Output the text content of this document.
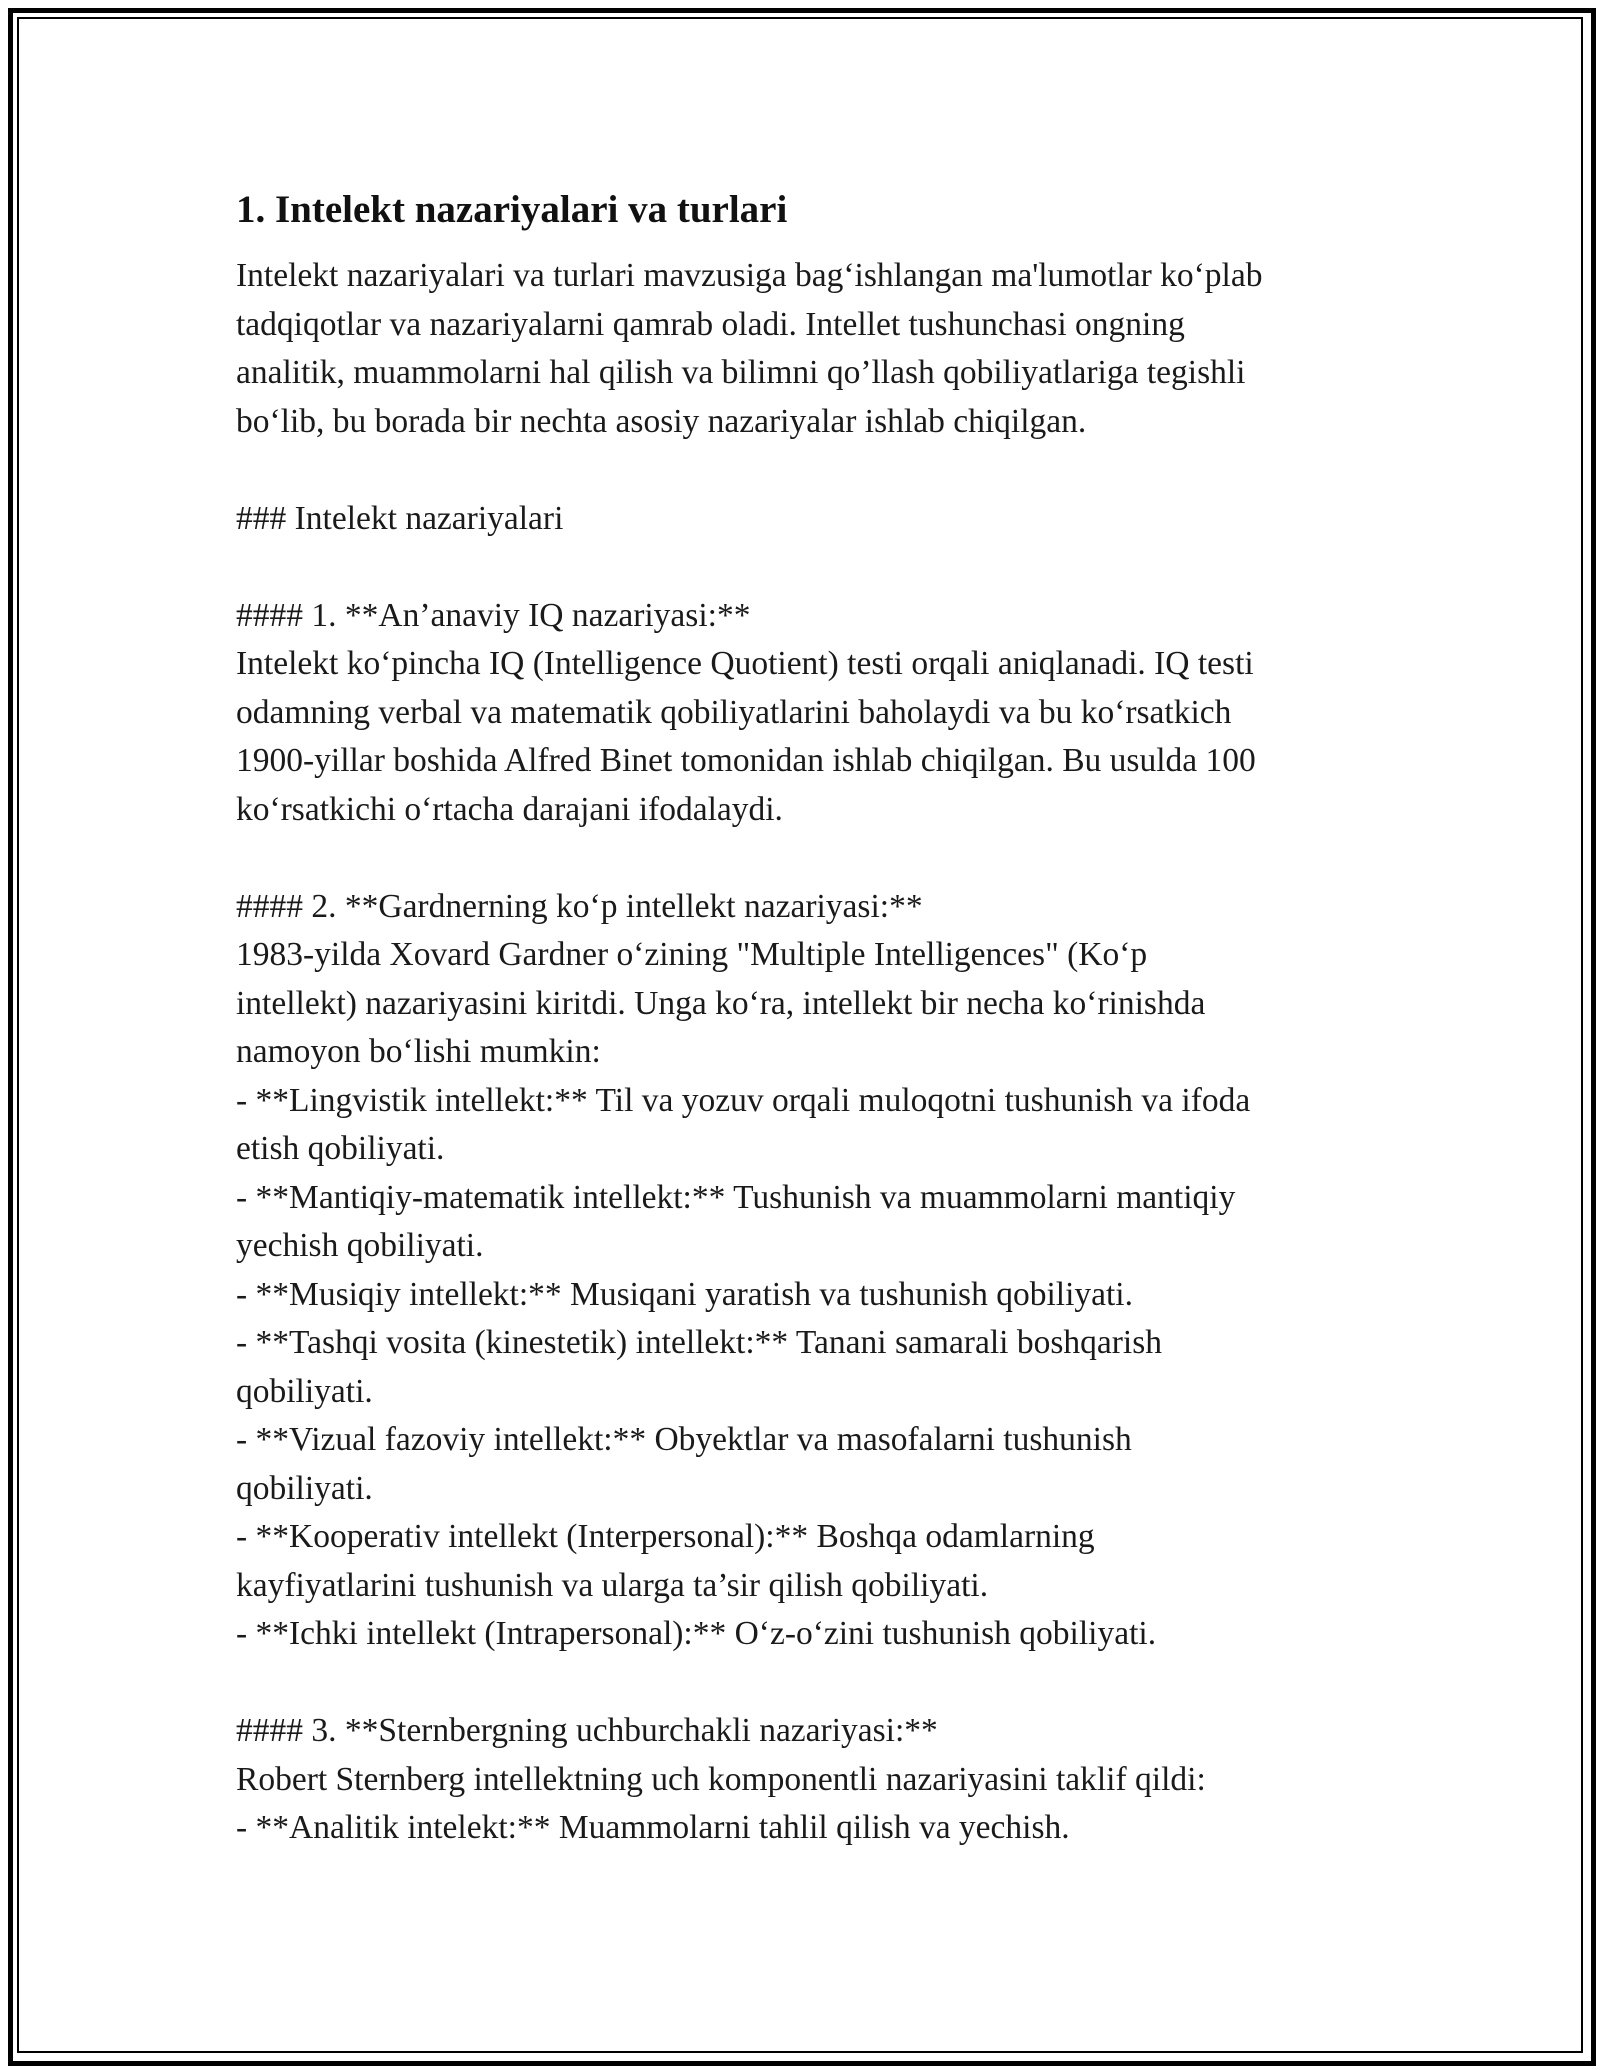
1. Intelekt nazariyalari va turlari
Intelekt nazariyalari va turlari mavzusiga bag‘ishlangan ma'lumotlar ko‘plab
tadqiqotlar va nazariyalarni qamrab oladi. Intellet tushunchasi ongning
analitik, muammolarni hal qilish va bilimni qo’llash qobiliyatlariga tegishli
bo‘lib, bu borada bir nechta asosiy nazariyalar ishlab chiqilgan.
### Intelekt nazariyalari
#### 1. **An’anaviy IQ nazariyasi:**
Intelekt ko‘pincha IQ (Intelligence Quotient) testi orqali aniqlanadi. IQ testi
odamning verbal va matematik qobiliyatlarini baholaydi va bu ko‘rsatkich
1900-yillar boshida Alfred Binet tomonidan ishlab chiqilgan. Bu usulda 100
ko‘rsatkichi o‘rtacha darajani ifodalaydi.
#### 2. **Gardnerning ko‘p intellekt nazariyasi:**
1983-yilda Xovard Gardner o‘zining "Multiple Intelligences" (Ko‘p
intellekt) nazariyasini kiritdi. Unga ko‘ra, intellekt bir necha ko‘rinishda
namoyon bo‘lishi mumkin:
- **Lingvistik intellekt:** Til va yozuv orqali muloqotni tushunish va ifoda
etish qobiliyati.
- **Mantiqiy-matematik intellekt:** Tushunish va muammolarni mantiqiy
yechish qobiliyati.
- **Musiqiy intellekt:** Musiqani yaratish va tushunish qobiliyati.
- **Tashqi vosita (kinestetik) intellekt:** Tanani samarali boshqarish
qobiliyati.
- **Vizual fazoviy intellekt:** Obyektlar va masofalarni tushunish
qobiliyati.
- **Kooperativ intellekt (Interpersonal):** Boshqa odamlarning
kayfiyatlarini tushunish va ularga ta’sir qilish qobiliyati.
- **Ichki intellekt (Intrapersonal):** O‘z-o‘zini tushunish qobiliyati.
#### 3. **Sternbergning uchburchakli nazariyasi:**
Robert Sternberg intellektning uch komponentli nazariyasini taklif qildi:
- **Analitik intelekt:** Muammolarni tahlil qilish va yechish.
